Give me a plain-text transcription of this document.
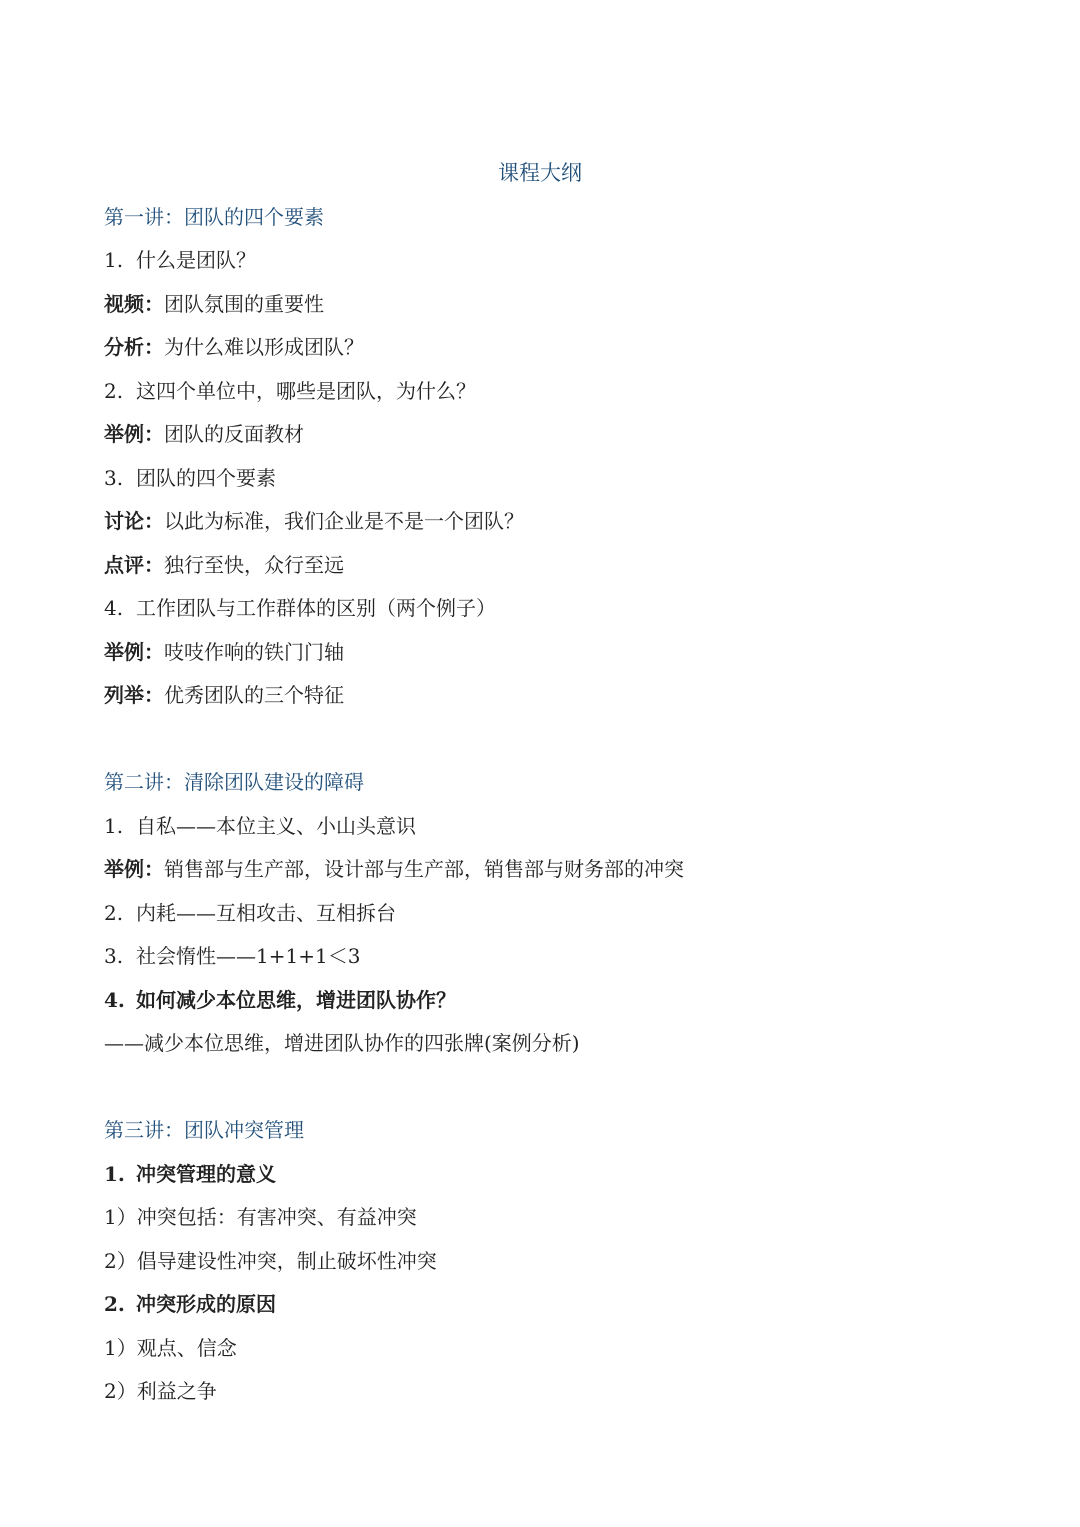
课程大纲
第一讲：团队的四个要素
1. 什么是团队？
视频：团队氛围的重要性
分析：为什么难以形成团队？
2. 这四个单位中，哪些是团队，为什么？
举例：团队的反面教材
3. 团队的四个要素
讨论：以此为标准，我们企业是不是一个团队？
点评：独行至快，众行至远
4. 工作团队与工作群体的区别（两个例子）
举例：吱吱作响的铁门门轴
列举：优秀团队的三个特征
第二讲：清除团队建设的障碍
1. 自私——本位主义、小山头意识
举例：销售部与生产部，设计部与生产部，销售部与财务部的冲突
2. 内耗——互相攻击、互相拆台
3. 社会惰性——1+1+1＜3
4. 如何减少本位思维，增进团队协作？
——减少本位思维，增进团队协作的四张牌(案例分析)
第三讲：团队冲突管理
1. 冲突管理的意义
1）冲突包括：有害冲突、有益冲突
2）倡导建设性冲突，制止破坏性冲突
2. 冲突形成的原因
1）观点、信念
2）利益之争
